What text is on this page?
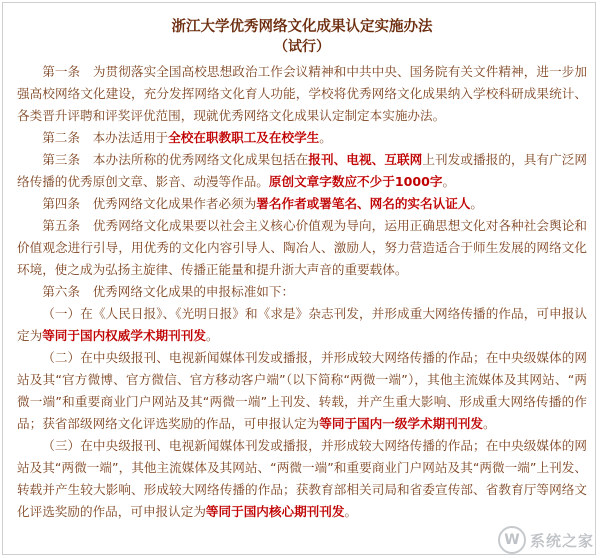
浙江大学优秀网络文化成果认定实施办法
（试行）

第一条　为贯彻落实全国高校思想政治工作会议精神和中共中央、国务院有关文件精神，进一步加强高校网络文化建设，充分发挥网络文化育人功能，学校将优秀网络文化成果纳入学校科研成果统计、各类晋升评聘和评奖评优范围，现就优秀网络文化成果认定制定本实施办法。

第二条　本办法适用于全校在职教职工及在校学生。

第三条　本办法所称的优秀网络文化成果包括在报刊、电视、互联网上刊发或播报的，具有广泛网络传播的优秀原创文章、影音、动漫等作品。原创文章字数应不少于1000字。

第四条　优秀网络文化成果作者必须为署名作者或署笔名、网名的实名认证人。

第五条　优秀网络文化成果要以社会主义核心价值观为导向，运用正确思想文化对各种社会舆论和价值观念进行引导，用优秀的文化内容引导人、陶冶人、激励人，努力营造适合于师生发展的网络文化环境，使之成为弘扬主旋律、传播正能量和提升浙大声音的重要载体。

第六条　优秀网络文化成果的申报标准如下：

（一）在《人民日报》、《光明日报》和《求是》杂志刊发，并形成重大网络传播的作品，可申报认定为等同于国内权威学术期刊刊发。

（二）在中央级报刊、电视新闻媒体刊发或播报，并形成较大网络传播的作品；在中央级媒体的网站及其“官方微博、官方微信、官方移动客户端”（以下简称“两微一端”），其他主流媒体及其网站、“两微一端”和重要商业门户网站及其“两微一端”上刊发、转载，并产生重大影响、形成重大网络传播的作品；获省部级网络文化评选奖励的作品，可申报认定为等同于国内一级学术期刊刊发。

（三）在中央级报刊、电视新闻媒体刊发或播报，并形成较大网络传播的作品；在中央级媒体的网站及其“两微一端”，其他主流媒体及其网站、“两微一端”和重要商业门户网站及其“两微一端”上刊发、转载并产生较大影响、形成较大网络传播的作品；获教育部相关司局和省委宣传部、省教育厅等网络文化评选奖励的作品，可申报认定为等同于国内核心期刊刊发。

W 系统之家
